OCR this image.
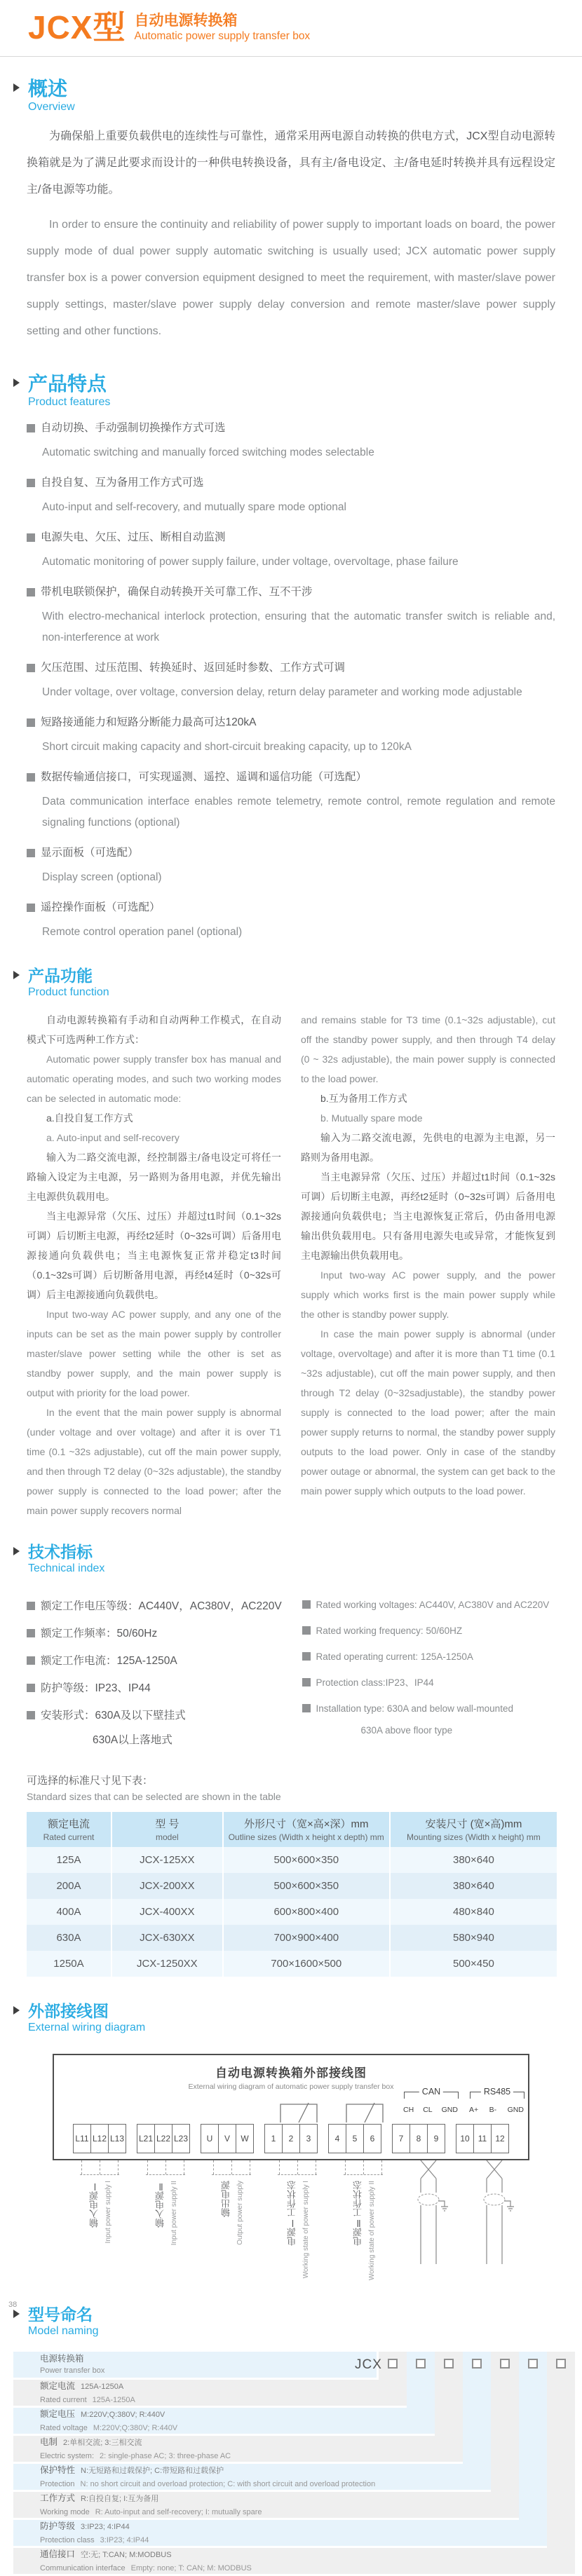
JCX型 自动电源转换箱
Automatic power supply transfer box
概述
Overview

为确保船上重要负载供电的连续性与可靠性，通常采用两电源自动转换的供电方式，JCX型自动电源转换箱就是为了满足此要求而设计的一种供电转换设备，具有主/备电设定、主/备电延时转换并具有远程设定主/备电源等功能。

In order to ensure the continuity and reliability of power supply to important loads on board, the power supply mode of dual power supply automatic switching is usually used; JCX automatic power supply transfer box is a power conversion equipment designed to meet the requirement, with master/slave power supply settings, master/slave power supply delay conversion and remote master/slave power supply setting and other functions.

产品特点
Product features
自动切换、手动强制切换操作方式可选
Automatic switching and manually forced switching modes selectable
自投自复、互为备用工作方式可选
Auto-input and self-recovery, and mutually spare mode optional
电源失电、欠压、过压、断相自动监测
Automatic monitoring of power supply failure, under voltage, overvoltage, phase failure
带机电联锁保护，确保自动转换开关可靠工作、互不干涉
With electro-mechanical interlock protection, ensuring that the automatic transfer switch is reliable and, non-interference at work
欠压范围、过压范围、转换延时、返回延时参数、工作方式可调
Under voltage, over voltage, conversion delay, return delay parameter and working mode adjustable
短路接通能力和短路分断能力最高可达120kA
Short circuit making capacity and short-circuit breaking capacity, up to 120kA
数据传输通信接口，可实现遥测、遥控、遥调和遥信功能（可选配）
Data communication interface enables remote telemetry, remote control, remote regulation and remote signaling functions (optional)
显示面板（可选配）
Display screen (optional)
遥控操作面板（可选配）
Remote control operation panel (optional)
产品功能
Product function

自动电源转换箱有手动和自动两种工作模式，在自动模式下可选两种工作方式：

Automatic power supply transfer box has manual and automatic operating modes, and such two working modes can be selected in automatic mode:

a.自投自复工作方式

a. Auto-input and self-recovery

输入为二路交流电源，经控制器主/备电设定可将任一路输入设定为主电源，另一路则为备用电源，并优先输出主电源供负载用电。

当主电源异常（欠压、过压）并超过t1时间（0.1~32s可调）后切断主电源，再经t2延时（0~32s可调）后备用电源接通向负载供电；当主电源恢复正常并稳定t3时间（0.1~32s可调）后切断备用电源，再经t4延时（0~32s可调）后主电源接通向负载供电。

Input two-way AC power supply, and any one of the inputs can be set as the main power supply by controller master/slave power setting while the other is set as standby power supply, and the main power supply is output with priority for the load power.

In the event that the main power supply is abnormal (under voltage and over voltage) and after it is over T1 time (0.1 ~32s adjustable), cut off the main power supply, and then through T2 delay (0~32s adjustable), the standby power supply is connected to the load power; after the main power supply recovers normal

and remains stable for T3 time (0.1~32s adjustable), cut off the standby power supply, and then through T4 delay (0 ~ 32s adjustable), the main power supply is connected to the load power.

b.互为备用工作方式

b. Mutually spare mode

输入为二路交流电源，先供电的电源为主电源，另一路则为备用电源。

当主电源异常（欠压、过压）并超过t1时间（0.1~32s可调）后切断主电源，再经t2延时（0~32s可调）后备用电源接通向负载供电；当主电源恢复正常后，仍由备用电源输出供负载用电。只有备用电源失电或异常，才能恢复到主电源输出供负载用电。

Input two-way AC power supply, and the power supply which works first is the main power supply while the other is standby power supply.

In case the main power supply is abnormal (under voltage, overvoltage) and after it is more than T1 time (0.1 ~32s adjustable), cut off the main power supply, and then through T2 delay (0~32sadjustable), the standby power supply is connected to the load power; after the main power supply returns to normal, the standby power supply outputs to the load power. Only in case of the standby power outage or abnormal, the system can get back to the main power supply which outputs to the load power.

技术指标
Technical index
额定工作电压等级：AC440V，AC380V，AC220V
额定工作频率：50/60Hz
额定工作电流：125A-1250A
防护等级：IP23、IP44
安装形式：630A及以下壁挂式
630A以上落地式
Rated working voltages: AC440V, AC380V and AC220V
Rated working frequency: 50/60HZ
Rated operating current: 125A-1250A
Protection class:IP23、IP44
Installation type: 630A and below wall-mounted
630A above floor type
可选择的标准尺寸见下表：
Standard sizes that can be selected are shown in the table
额定电流
Rated current	型 号
model	外形尺寸（宽×高×深）mm
Outline sizes (Width x height x depth) mm	安装尺寸 (宽×高)mm
Mounting sizes (Width x height) mm

125A	JCX-125XX	500×600×350	380×640
200A	JCX-200XX	500×600×350	380×640
400A	JCX-400XX	600×800×400	480×840
630A	JCX-630XX	700×900×400	580×940
1250A	JCX-1250XX	700×1600×500	500×450
外部接线图
External wiring diagram
自动电源转换箱外部接线图
External wiring diagram of automatic power supply transfer box	CAN	RS485
CH CL GND A+ B- GND
L11 L12 L13 L21 L22 L23	U	V	W	1	2	3	4	5	6	7	8	9	10	11	12
输入电源Ⅰ Input power supply I	输入电源Ⅱ Input power supply II	输出电源 Output power supply	电源Ⅰ工作状态 Working state of power supply I	电源Ⅱ工作状态 Working state of power supply II
型号命名
Model naming
电源转换箱
Power transfer box
额定电流 125A-1250A
Rated current 125A-1250A
额定电压 M:220V;Q:380V; R:440V
Rated voltage M:220V;Q:380V; R:440V
电制 2:单相交流; 3:三相交流
Electric system: 2: single-phase AC; 3: three-phase AC
保护特性 N:无短路和过载保护; C:带短路和过载保护
Protection N: no short circuit and overload protection; C: with short circuit and overload protection
工作方式 R:自投自复; I:互为备用
Working mode R: Auto-input and self-recovery; I: mutually spare
防护等级 3:IP23; 4:IP44
Protection class 3:IP23; 4:IP44
通信接口 空:无; T:CAN; M:MODBUS
Communication interface Empty: none; T: CAN; M: MODBUS
JCX
38
